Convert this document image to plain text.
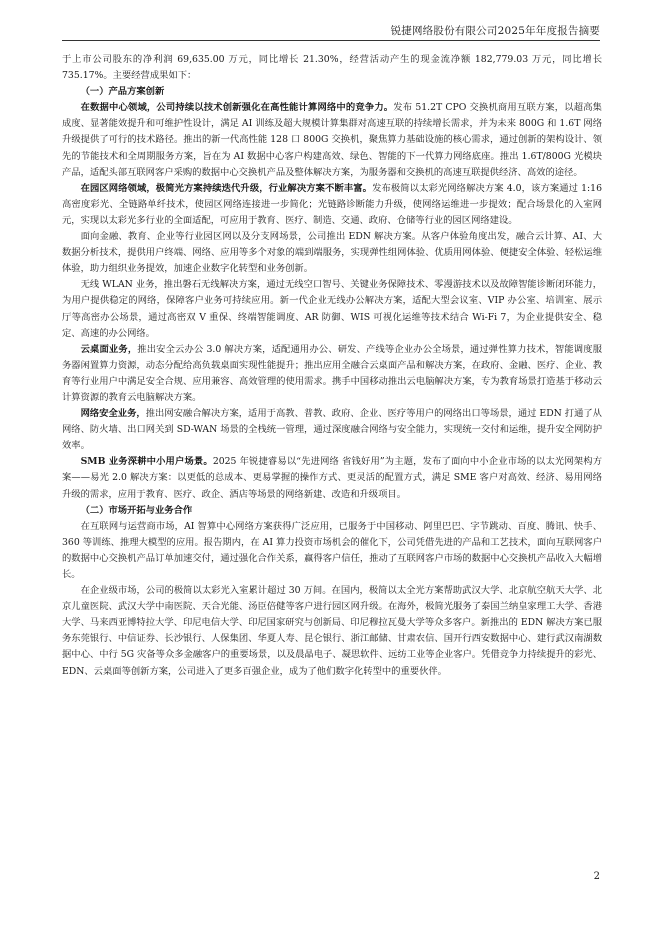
锐捷网络股份有限公司2025年年度报告摘要

于上市公司股东的净利润 69,635.00 万元，同比增长 21.30%，经营活动产生的现金流净额 182,779.03 万元，同比增长 735.17%。主要经营成果如下：

（一）产品方案创新

在数据中心领域，公司持续以技术创新强化在高性能计算网络中的竞争力。发布 51.2T CPO 交换机商用互联方案，以超高集成度、显著能效提升和可维护性设计，满足 AI 训练及超大规模计算集群对高速互联的持续增长需求，并为未来 800G 和 1.6T 网络升级提供了可行的技术路径。推出的新一代高性能 128 口 800G 交换机，聚焦算力基础设施的核心需求，通过创新的架构设计、领先的节能技术和全周期服务方案，旨在为 AI 数据中心客户构建高效、绿色、智能的下一代算力网络底座。推出 1.6T/800G 光模块产品，适配头部互联网客户采购的数据中心交换机产品及整体解决方案，为服务器和交换机的高速互联提供经济、高效的途径。

在园区网络领域，极简光方案持续迭代升级，行业解决方案不断丰富。发布极简以太彩光网络解决方案 4.0，该方案通过 1:16 高密度彩光、全链路单纤技术，使园区网络连接进一步简化；光链路诊断能力升级，使网络运维进一步提效；配合场景化的入室网元，实现以太彩光多行业的全面适配，可应用于教育、医疗、制造、交通、政府、仓储等行业的园区网络建设。

面向金融、教育、企业等行业园区网以及分支网场景，公司推出 EDN 解决方案。从客户体验角度出发，融合云计算、AI、大数据分析技术，提供用户终端、网络、应用等多个对象的端到端服务，实现弹性组网体验、优质用网体验、便捷安全体验、轻松运维体验，助力组织业务提效，加速企业数字化转型和业务创新。

无线 WLAN 业务，推出磐石无线解决方案，通过无线空口智号、关键业务保障技术、零漫游技术以及故障智能诊断闭环能力，为用户提供稳定的网络，保障客户业务可持续应用。新一代企业无线办公解决方案，适配大型会议室、VIP 办公室、培训室、展示厅等高密办公场景，通过高密双 V 重保、终端智能调度、AR 防御、WIS 可视化运维等技术结合 Wi-Fi 7，为企业提供安全、稳定、高速的办公网络。

云桌面业务，推出安全云办公 3.0 解决方案，适配通用办公、研发、产线等企业办公全场景，通过弹性算力技术，智能调度服务器闲置算力资源，动态分配给高负载桌面实现性能提升；推出应用全融合云桌面产品和解决方案，在政府、金融、医疗、企业、教育等行业用户中满足安全合规、应用兼容、高效管理的使用需求。携手中国移动推出云电脑解决方案，专为教育场景打造基于移动云计算资源的教育云电脑解决方案。

网络安全业务，推出网安融合解决方案，适用于高教、普教、政府、企业、医疗等用户的网络出口等场景，通过 EDN 打通了从网络、防火墙、出口网关到 SD-WAN 场景的全栈统一管理，通过深度融合网络与安全能力，实现统一交付和运维，提升安全网防护效率。

SMB 业务深耕中小用户场景。2025 年锐捷睿易以“先进网络 省钱好用”为主题，发布了面向中小企业市场的以太光网架构方案——易光 2.0 解决方案：以更低的总成本、更易掌握的操作方式、更灵活的配置方式，满足 SME 客户对高效、经济、易用网络升级的需求，应用于教育、医疗、政企、酒店等场景的网络新建、改造和升级项目。

（二）市场开拓与业务合作

在互联网与运营商市场，AI 智算中心网络方案获得广泛应用，已服务于中国移动、阿里巴巴、字节跳动、百度、腾讯、快手、360 等训练、推理大模型的应用。报告期内，在 AI 算力投资市场机会的催化下，公司凭借先进的产品和工艺技术，面向互联网客户的数据中心交换机产品订单加速交付，通过强化合作关系，赢得客户信任，推动了互联网客户市场的数据中心交换机产品收入大幅增长。

在企业级市场，公司的极简以太彩光入室累计超过 30 万间。在国内，极简以太全光方案帮助武汉大学、北京航空航天大学、北京儿童医院、武汉大学中南医院、天合光能、汤臣倍健等客户进行园区网升级。在海外，极简光服务了泰国兰纳皇家理工大学、香港大学、马来西亚博特拉大学、印尼电信大学、印尼国家研究与创新局、印尼穆拉瓦曼大学等众多客户。新推出的 EDN 解决方案已服务东莞银行、中信证券、长沙银行、人保集团、华夏人寿、昆仑银行、浙江邮储、甘肃农信、国开行西安数据中心、建行武汉南湖数据中心、中行 5G 灾备等众多金融客户的重要场景，以及晨晶电子、凝思软件、远纺工业等企业客户。凭借竞争力持续提升的彩光、EDN、云桌面等创新方案，公司进入了更多百强企业，成为了他们数字化转型中的重要伙伴。

2
